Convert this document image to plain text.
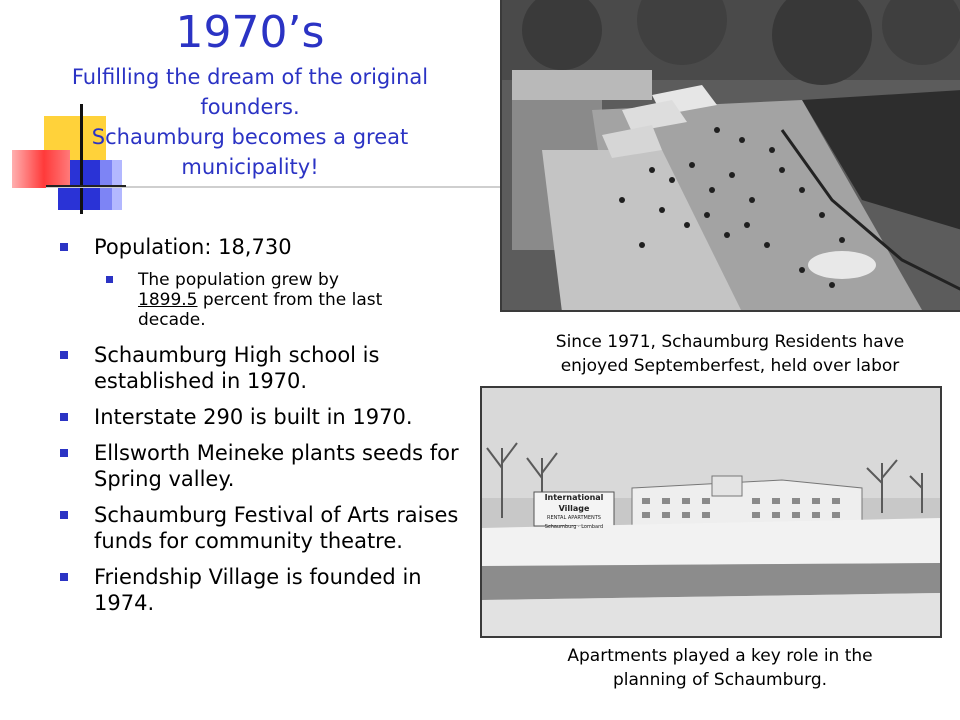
1970’s
Fulfilling the dream of the original
founders.
Schaumburg becomes a great
municipality!
Population: 18,730
The population grew by
1899.5 percent from the last
decade.
Schaumburg High school is established in 1970.
Interstate 290 is built in 1970.
Ellsworth Meineke plants seeds for Spring valley.
Schaumburg Festival of Arts raises funds for community theatre.
Friendship Village is founded in 1974.
Since 1971, Schaumburg Residents have
enjoyed Septemberfest, held over labor
International Village
RENTAL APARTMENTS
Schaumburg · Lombard
Apartments played a key role in the
planning of Schaumburg.
